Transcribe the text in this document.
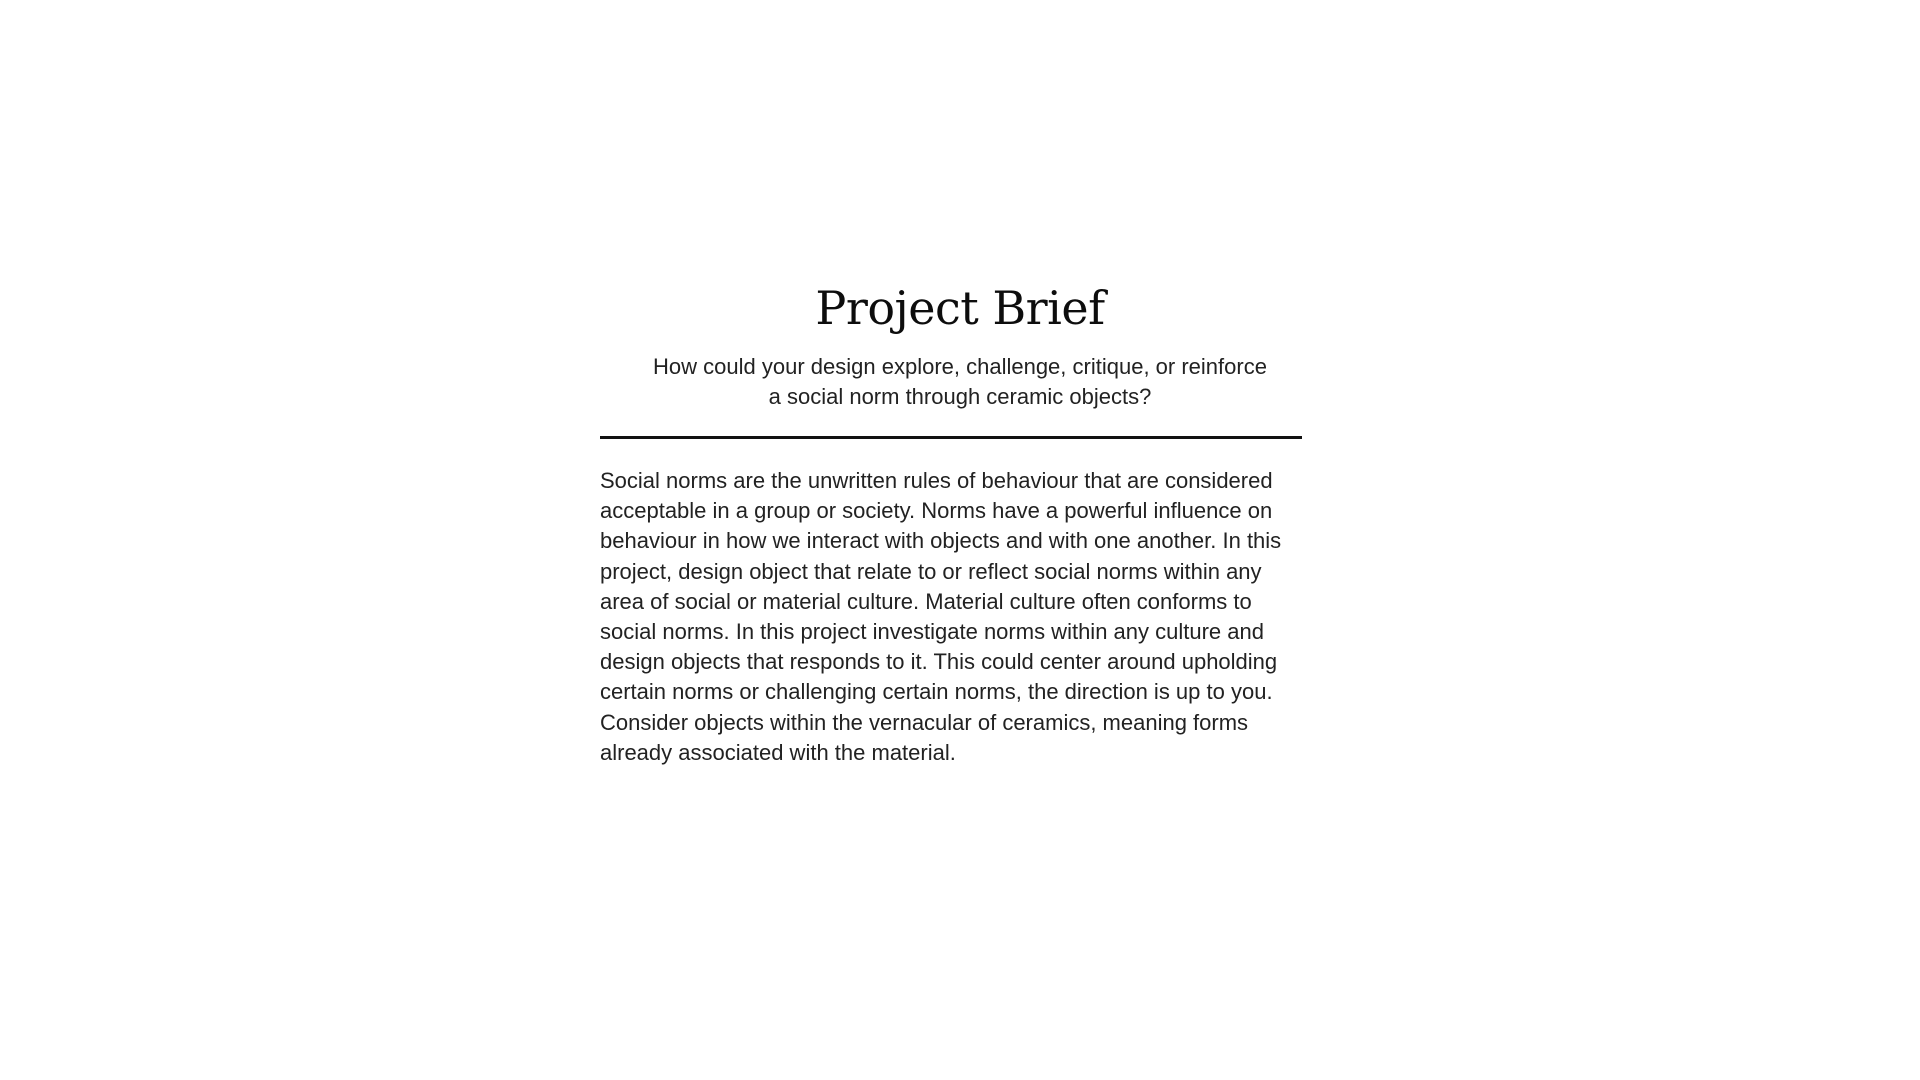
Project Brief
How could your design explore, challenge, critique, or reinforce
a social norm through ceramic objects?
Social norms are the unwritten rules of behaviour that are considered
acceptable in a group or society. Norms have a powerful influence on
behaviour in how we interact with objects and with one another. In this
project, design object that relate to or reflect social norms within any
area of social or material culture. Material culture often conforms to
social norms. In this project investigate norms within any culture and
design objects that responds to it. This could center around upholding
certain norms or challenging certain norms, the direction is up to you.
Consider objects within the vernacular of ceramics, meaning forms
already associated with the material.
